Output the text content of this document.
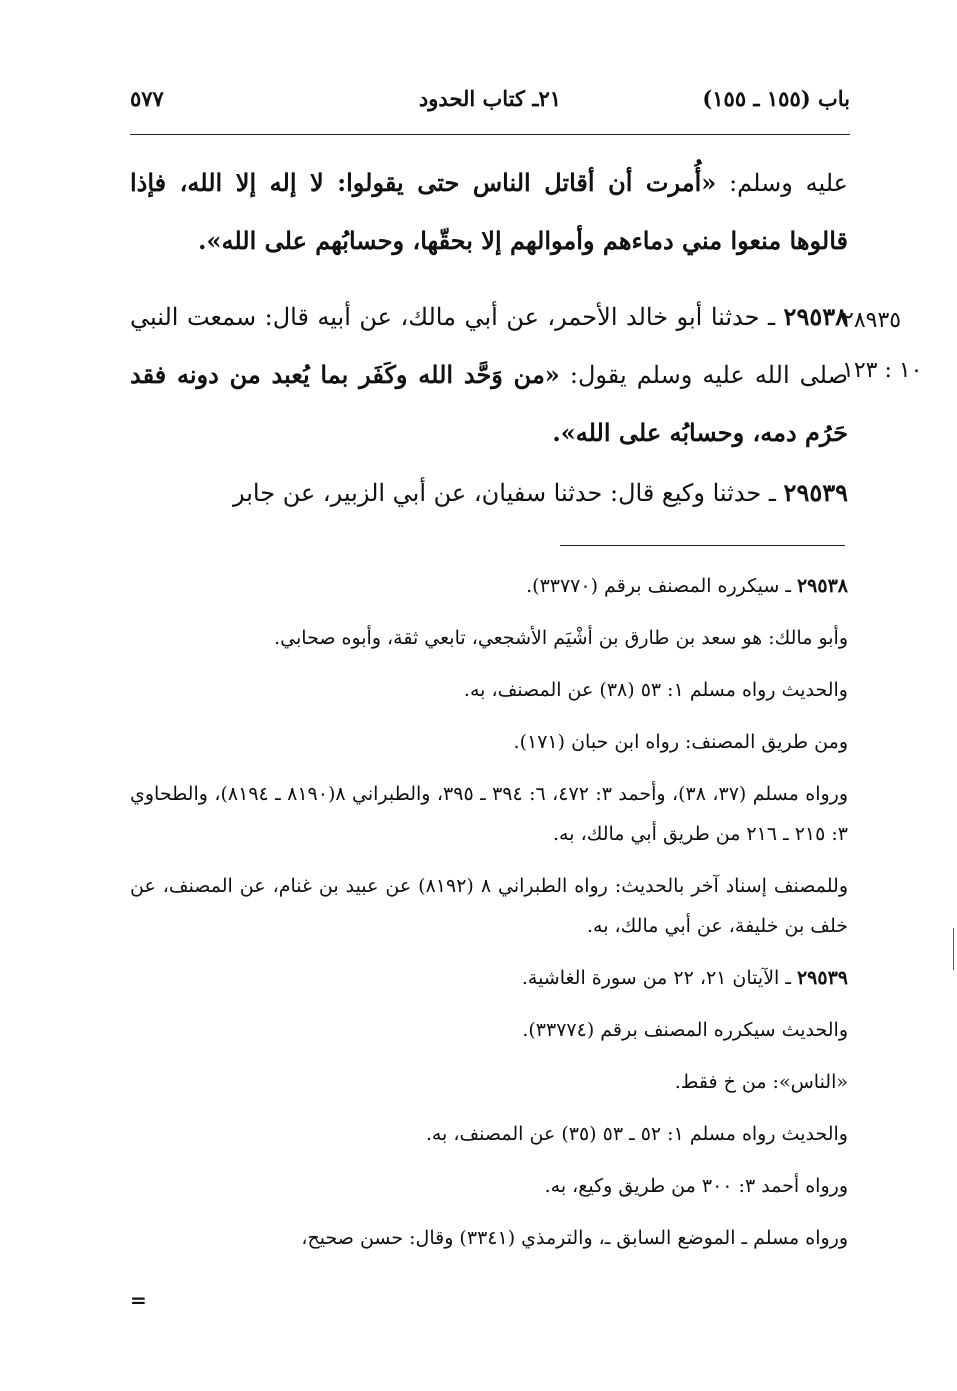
باب (١٥٥ ـ ١٥٥)
٢١ـ كتاب الحدود
٥٧٧
عليه وسلم: «أُمرت أن أقاتل الناس حتى يقولوا: لا إله إلا الله، فإذا قالوها منعوا مني دماءهم وأموالهم إلا بحقّها، وحسابُهم على الله».
٢٩٥٣٨ ـ حدثنا أبو خالد الأحمر، عن أبي مالك، عن أبيه قال: سمعت النبي صلى الله عليه وسلم يقول: «من وَحَّد الله وكَفَر بما يُعبد من دونه فقد حَرُم دمه، وحسابُه على الله».
٢٨٩٣٥
١٠ : ١٢٣
٢٩٥٣٩ ـ حدثنا وكيع قال: حدثنا سفيان، عن أبي الزبير، عن جابر

٢٩٥٣٨ ـ سيكرره المصنف برقم (٣٣٧٧٠).

وأبو مالك: هو سعد بن طارق بن أشْيَم الأشجعي، تابعي ثقة، وأبوه صحابي.

والحديث رواه مسلم ١: ٥٣ (٣٨) عن المصنف، به.

ومن طريق المصنف: رواه ابن حبان (١٧١).

ورواه مسلم (٣٧، ٣٨)، وأحمد ٣: ٤٧٢، ٦: ٣٩٤ ـ ٣٩٥، والطبراني ٨(٨١٩٠ ـ ٨١٩٤)، والطحاوي ٣: ٢١٥ ـ ٢١٦ من طريق أبي مالك، به.

وللمصنف إسناد آخر بالحديث: رواه الطبراني ٨ (٨١٩٢) عن عبيد بن غنام، عن المصنف، عن خلف بن خليفة، عن أبي مالك، به.

٢٩٥٣٩ ـ الآيتان ٢١، ٢٢ من سورة الغاشية.

والحديث سيكرره المصنف برقم (٣٣٧٧٤).

«الناس»: من خ فقط.

والحديث رواه مسلم ١: ٥٢ ـ ٥٣ (٣٥) عن المصنف، به.

ورواه أحمد ٣: ٣٠٠ من طريق وكيع، به.

ورواه مسلم ـ الموضع السابق ـ، والترمذي (٣٣٤١) وقال: حسن صحيح،

=
